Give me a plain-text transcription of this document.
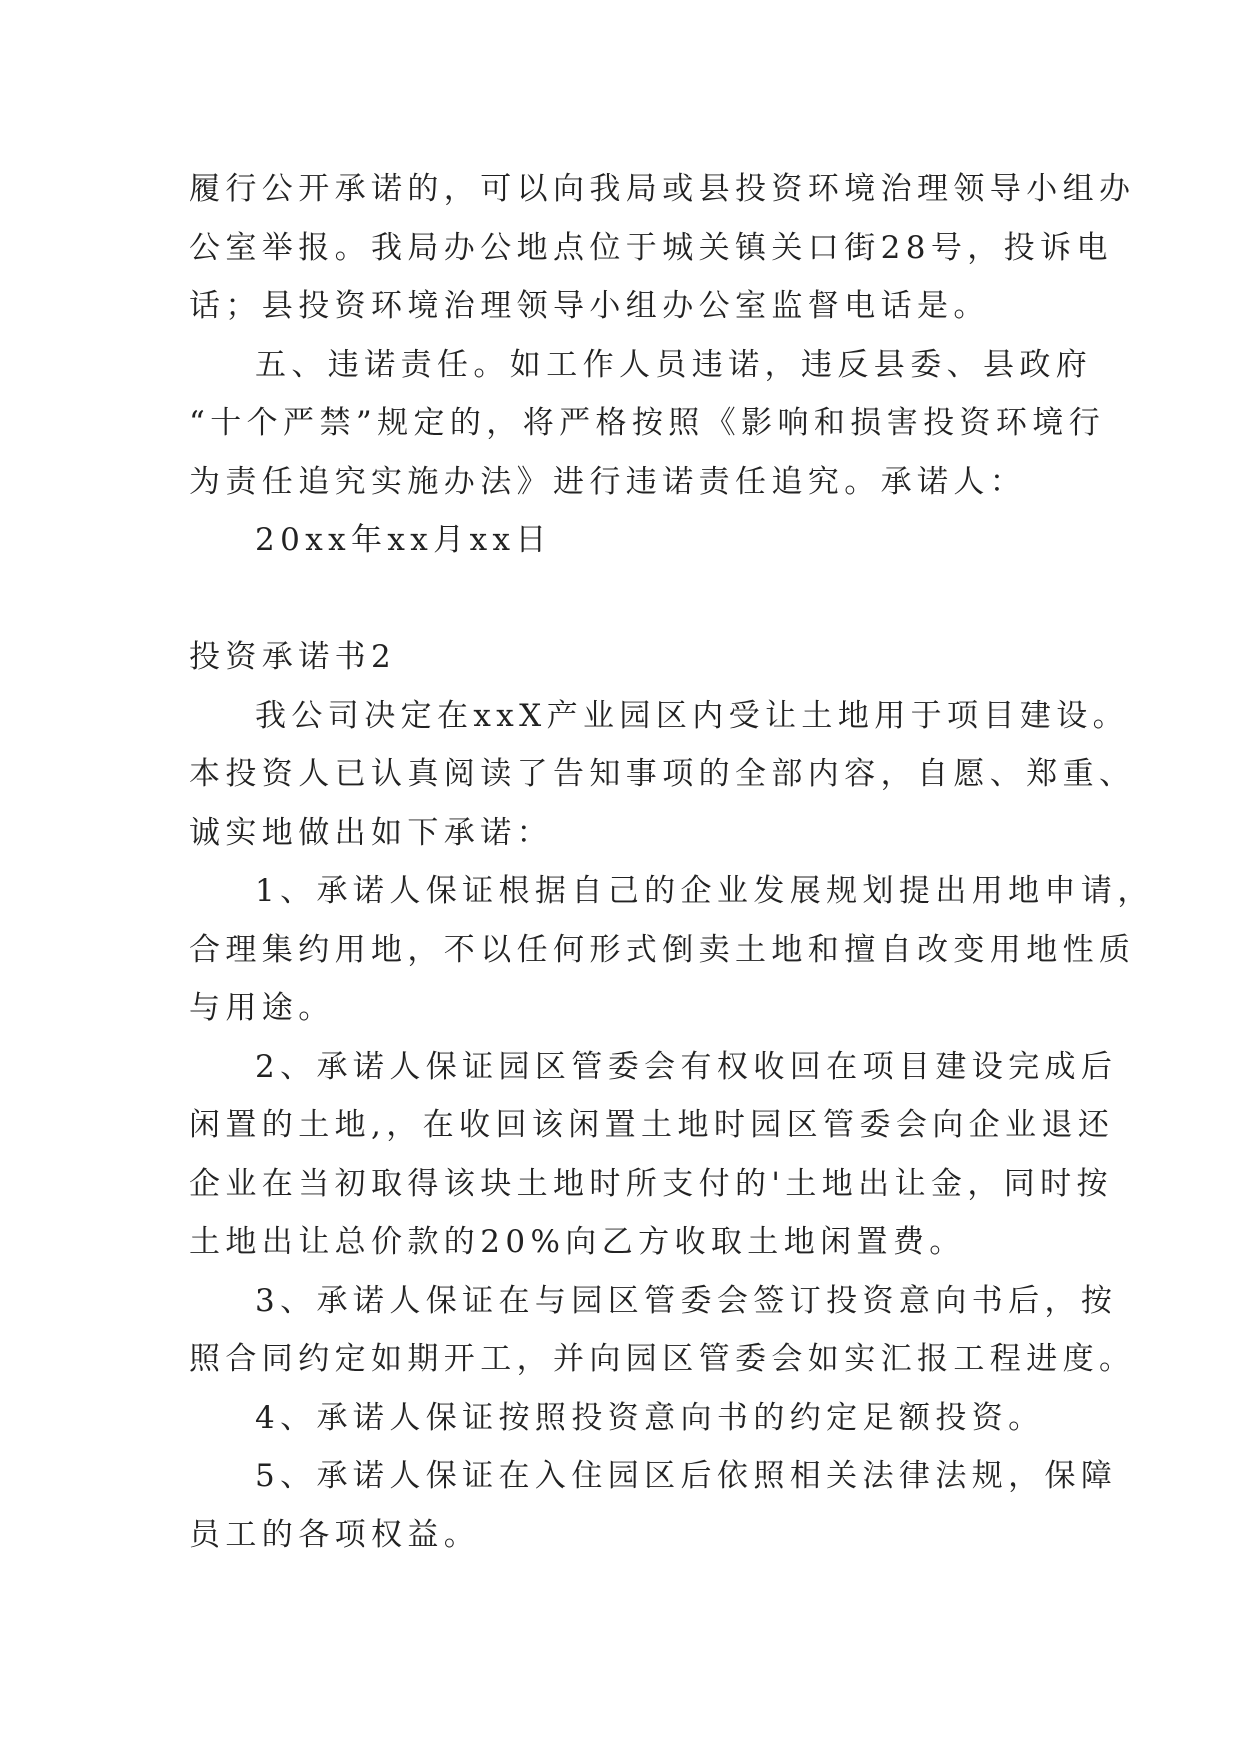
履行公开承诺的，可以向我局或县投资环境治理领导小组办
公室举报。我局办公地点位于城关镇关口街28号，投诉电
话；县投资环境治理领导小组办公室监督电话是。
五、违诺责任。如工作人员违诺，违反县委、县政府
“十个严禁”规定的，将严格按照《影响和损害投资环境行
为责任追究实施办法》进行违诺责任追究。承诺人：
20xx年xx月xx日
投资承诺书2
我公司决定在xxX产业园区内受让土地用于项目建设。
本投资人已认真阅读了告知事项的全部内容，自愿、郑重、
诚实地做出如下承诺：
1、承诺人保证根据自己的企业发展规划提出用地申请，
合理集约用地，不以任何形式倒卖土地和擅自改变用地性质
与用途。
2、承诺人保证园区管委会有权收回在项目建设完成后
闲置的土地,，在收回该闲置土地时园区管委会向企业退还
企业在当初取得该块土地时所支付的'土地出让金，同时按
土地出让总价款的20%向乙方收取土地闲置费。
3、承诺人保证在与园区管委会签订投资意向书后，按
照合同约定如期开工，并向园区管委会如实汇报工程进度。
4、承诺人保证按照投资意向书的约定足额投资。
5、承诺人保证在入住园区后依照相关法律法规，保障
员工的各项权益。
